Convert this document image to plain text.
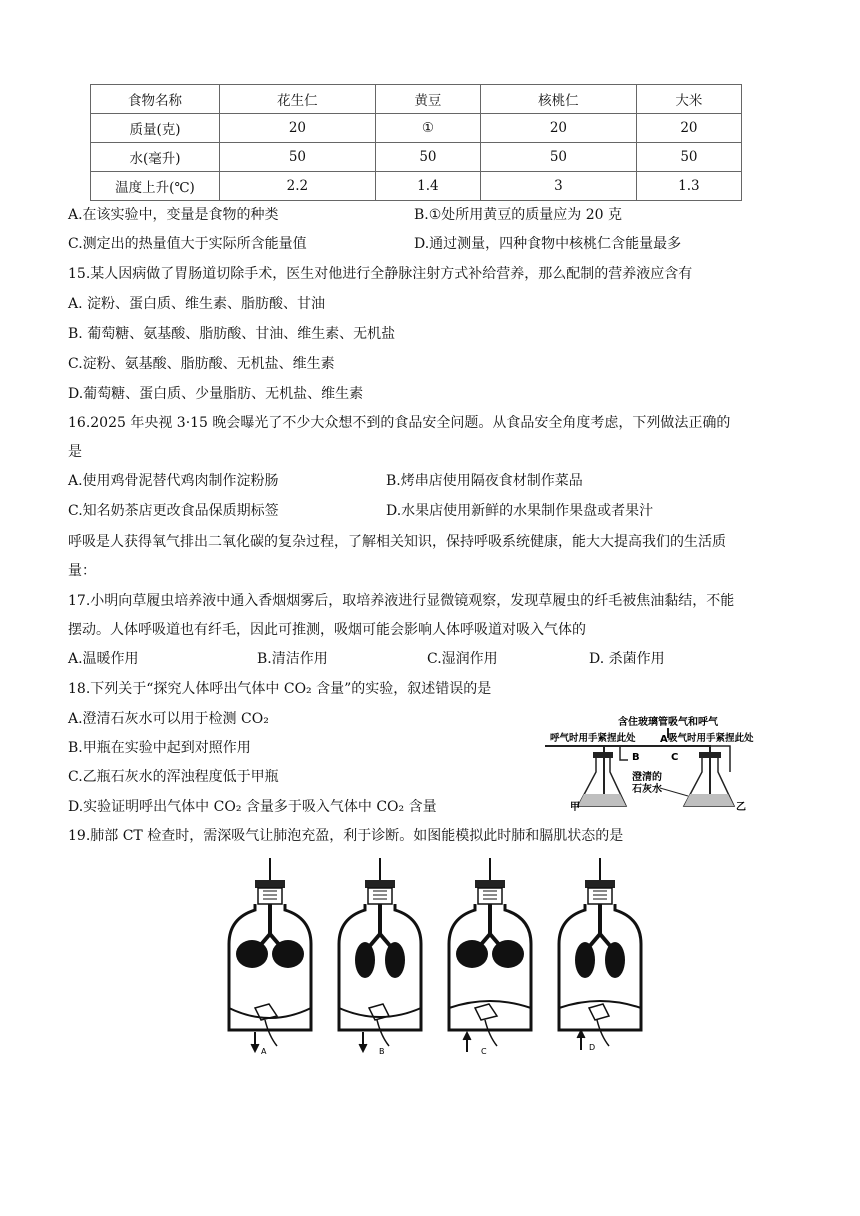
食物名称	花生仁	黄豆	核桃仁	大米
质量(克)	20	①	20	20
水(毫升)	50	50	50	50
温度上升(℃)	2.2	1.4	3	1.3
A.在该实验中，变量是食物的种类	B.①处所用黄豆的质量应为 20 克
C.测定出的热量值大于实际所含能量值	D.通过测量，四种食物中核桃仁含能量最多
15.某人因病做了胃肠道切除手术，医生对他进行全静脉注射方式补给营养，那么配制的营养液应含有
A. 淀粉、蛋白质、维生素、脂肪酸、甘油
B. 葡萄糖、氨基酸、脂肪酸、甘油、维生素、无机盐
C.淀粉、氨基酸、脂肪酸、无机盐、维生素
D.葡萄糖、蛋白质、少量脂肪、无机盐、维生素
16.2025 年央视 3·15 晚会曝光了不少大众想不到的食品安全问题。从食品安全角度考虑，下列做法正确的
是
A.使用鸡骨泥替代鸡肉制作淀粉肠	B.烤串店使用隔夜食材制作菜品
C.知名奶茶店更改食品保质期标签	D.水果店使用新鲜的水果制作果盘或者果汁
呼吸是人获得氧气排出二氧化碳的复杂过程，了解相关知识，保持呼吸系统健康，能大大提高我们的生活质
量：
17.小明向草履虫培养液中通入香烟烟雾后，取培养液进行显微镜观察，发现草履虫的纤毛被焦油黏结，不能
摆动。人体呼吸道也有纤毛，因此可推测，吸烟可能会影响人体呼吸道对吸入气体的
A.温暖作用	B.清洁作用	C.湿润作用	D. 杀菌作用
18.下列关于“探究人体呼出气体中 CO₂ 含量”的实验，叙述错误的是
A.澄清石灰水可以用于检测 CO₂
B.甲瓶在实验中起到对照作用
C.乙瓶石灰水的浑浊程度低于甲瓶
D.实验证明呼出气体中 CO₂ 含量多于吸入气体中 CO₂ 含量
含住玻璃管吸气和呼气
呼气时用手紧捏此处	吸气时用手紧捏此处
A
B	C
澄清的
石灰水
甲	乙
19.肺部 CT 检查时，需深吸气让肺泡充盈，利于诊断。如图能模拟此时肺和膈肌状态的是
A	B	C	D
